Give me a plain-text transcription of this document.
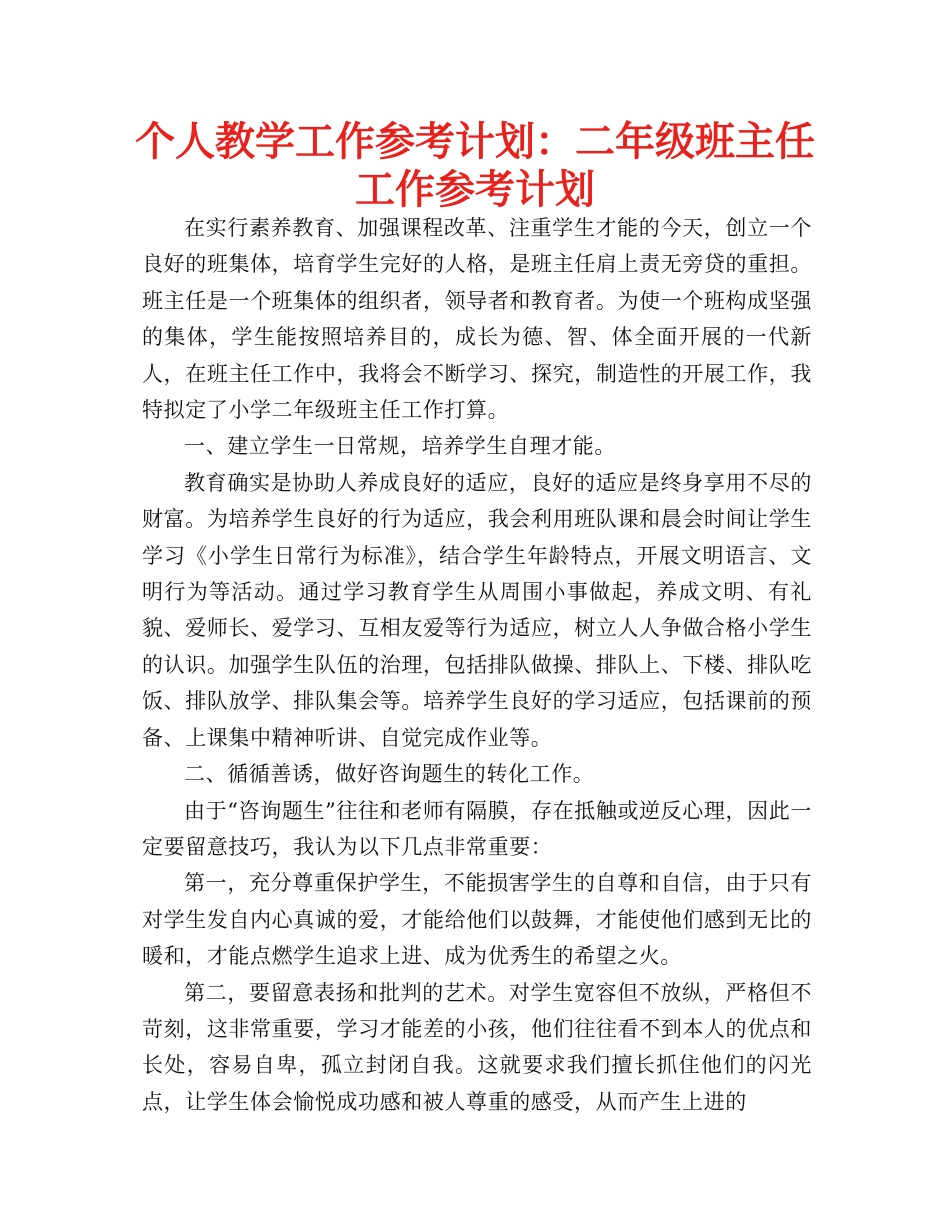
个人教学工作参考计划：二年级班主任工作参考计划

在实行素养教育、加强课程改革、注重学生才能的今天，创立一个良好的班集体，培育学生完好的人格，是班主任肩上责无旁贷的重担。班主任是一个班集体的组织者，领导者和教育者。为使一个班构成坚强的集体，学生能按照培养目的，成长为德、智、体全面开展的一代新人，在班主任工作中，我将会不断学习、探究，制造性的开展工作，我特拟定了小学二年级班主任工作打算。

一、建立学生一日常规，培养学生自理才能。

教育确实是协助人养成良好的适应，良好的适应是终身享用不尽的财富。为培养学生良好的行为适应，我会利用班队课和晨会时间让学生学习《小学生日常行为标准》，结合学生年龄特点，开展文明语言、文明行为等活动。通过学习教育学生从周围小事做起，养成文明、有礼貌、爱师长、爱学习、互相友爱等行为适应，树立人人争做合格小学生的认识。加强学生队伍的治理，包括排队做操、排队上、下楼、排队吃饭、排队放学、排队集会等。培养学生良好的学习适应，包括课前的预备、上课集中精神听讲、自觉完成作业等。

二、循循善诱，做好咨询题生的转化工作。

由于“咨询题生”往往和老师有隔膜，存在抵触或逆反心理，因此一定要留意技巧，我认为以下几点非常重要：

第一，充分尊重保护学生，不能损害学生的自尊和自信，由于只有对学生发自内心真诚的爱，才能给他们以鼓舞，才能使他们感到无比的暖和，才能点燃学生追求上进、成为优秀生的希望之火。

第二，要留意表扬和批判的艺术。对学生宽容但不放纵，严格但不苛刻，这非常重要，学习才能差的小孩，他们往往看不到本人的优点和长处，容易自卑，孤立封闭自我。这就要求我们擅长抓住他们的闪光点，让学生体会愉悦成功感和被人尊重的感受，从而产生上进的
